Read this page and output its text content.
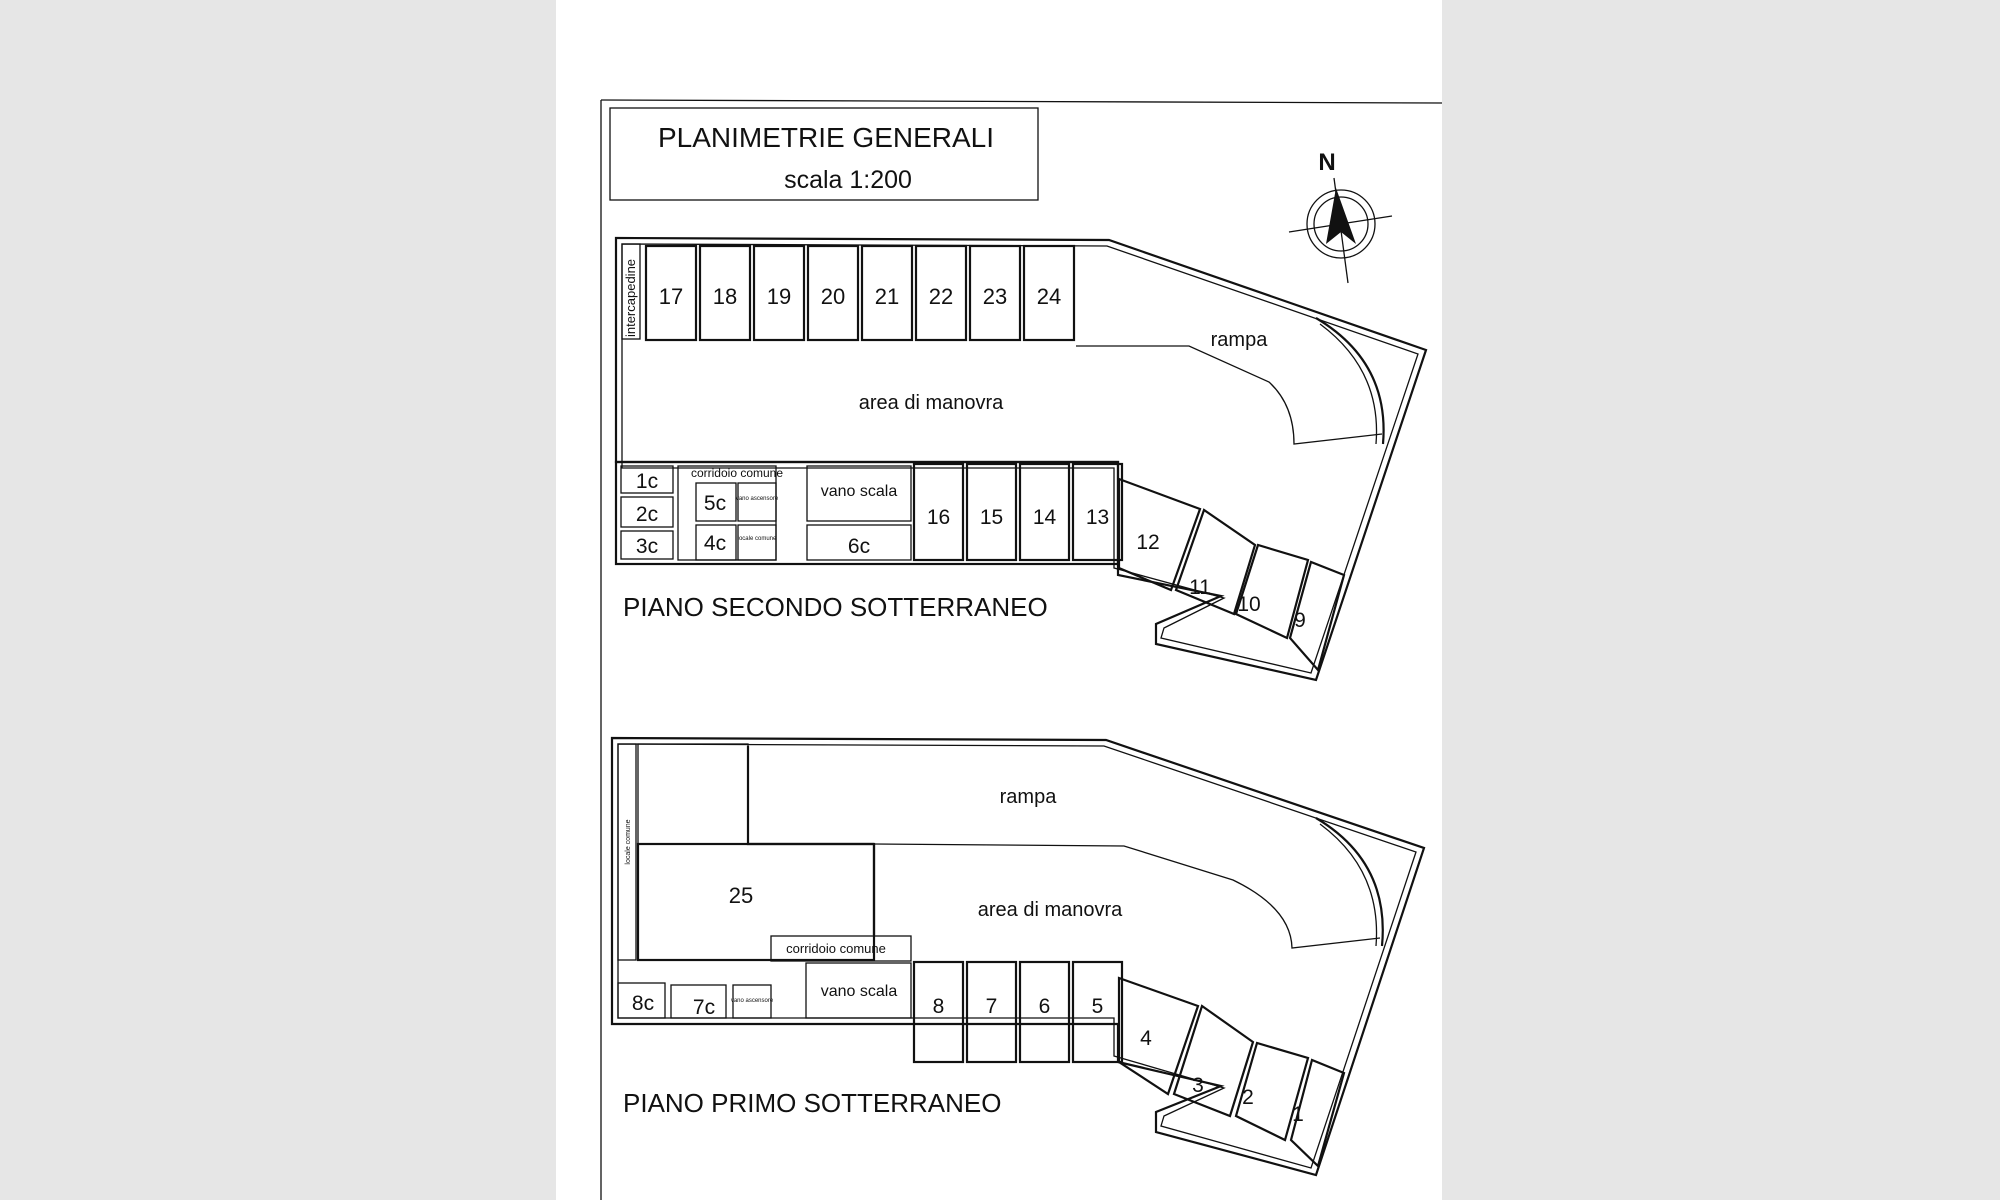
PLANIMETRIE GENERALI
scala 1:200
N
intercapedine 17 18 19 20 21 22 23 24
rampa
area di manovra
1c
2c
3c
corridoio comune
5c vano ascensore
4c locale comune
vano scala
6c
16 15 14 13
12
11
10
9
PIANO SECONDO SOTTERRANEO
locale comune
rampa
25
area di manovra
corridoio comune
8c 7c	vano ascensore
vano scala
8 7 6 5
4
3
2
1
PIANO PRIMO SOTTERRANEO
